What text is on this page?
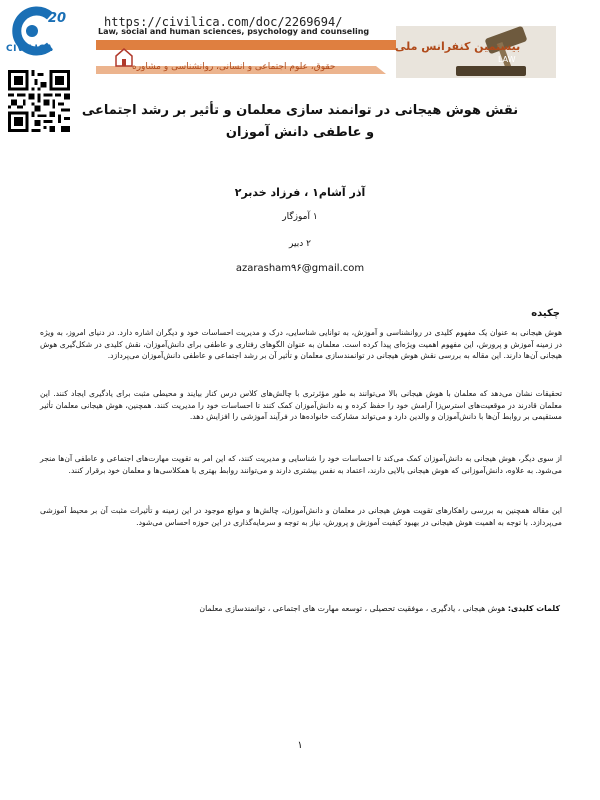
20
CIVILICA
https://civilica.com/doc/2269694/
LAW
Law, social and human sciences, psychology and counseling
بیستمین کنفرانس ملی
حقوق، علوم اجتماعی و انسانی، روانشناسی و مشاوره
نقش هوش هیجانی در توانمند سازی معلمان و تأثیر بر رشد اجتماعی و عاطفی دانش آموزان
آذر آشام۱ ، فرزاد خدبر۲
۱ آموزگار
۲ دبیر
azarasham۹۶@gmail.com
چکیده

هوش هیجانی به عنوان یک مفهوم کلیدی در روانشناسی و آموزش، به توانایی شناسایی، درک و مدیریت احساسات خود و دیگران اشاره دارد. در دنیای امروز، به ویژه در زمینه آموزش و پرورش، این مفهوم اهمیت ویژه‌ای پیدا کرده است. معلمان به عنوان الگوهای رفتاری و عاطفی برای دانش‌آموزان، نقش کلیدی در شکل‌گیری هوش هیجانی آن‌ها دارند. این مقاله به بررسی نقش هوش هیجانی در توانمندسازی معلمان و تأثیر آن بر رشد اجتماعی و عاطفی دانش‌آموزان می‌پردازد.

تحقیقات نشان می‌دهد که معلمان با هوش هیجانی بالا می‌توانند به طور مؤثرتری با چالش‌های کلاس درس کنار بیایند و محیطی مثبت برای یادگیری ایجاد کنند. این معلمان قادرند در موقعیت‌های استرس‌زا آرامش خود را حفظ کرده و به دانش‌آموزان کمک کنند تا احساسات خود را مدیریت کنند. همچنین، هوش هیجانی معلمان تأثیر مستقیمی بر روابط آن‌ها با دانش‌آموزان و والدین دارد و می‌تواند مشارکت خانواده‌ها در فرآیند آموزشی را افزایش دهد.

از سوی دیگر، هوش هیجانی به دانش‌آموزان کمک می‌کند تا احساسات خود را شناسایی و مدیریت کنند، که این امر به تقویت مهارت‌های اجتماعی و عاطفی آن‌ها منجر می‌شود. به علاوه، دانش‌آموزانی که هوش هیجانی بالایی دارند، اعتماد به نفس بیشتری دارند و می‌توانند روابط بهتری با همکلاسی‌ها و معلمان خود برقرار کنند.

این مقاله همچنین به بررسی راهکارهای تقویت هوش هیجانی در معلمان و دانش‌آموزان، چالش‌ها و موانع موجود در این زمینه و تأثیرات مثبت آن بر محیط آموزشی می‌پردازد. با توجه به اهمیت هوش هیجانی در بهبود کیفیت آموزش و پرورش، نیاز به توجه و سرمایه‌گذاری در این حوزه احساس می‌شود.

کلمات کلیدی: هوش هیجانی ، یادگیری ، موفقیت تحصیلی ، توسعه مهارت های اجتماعی ، توانمندسازی معلمان
۱
